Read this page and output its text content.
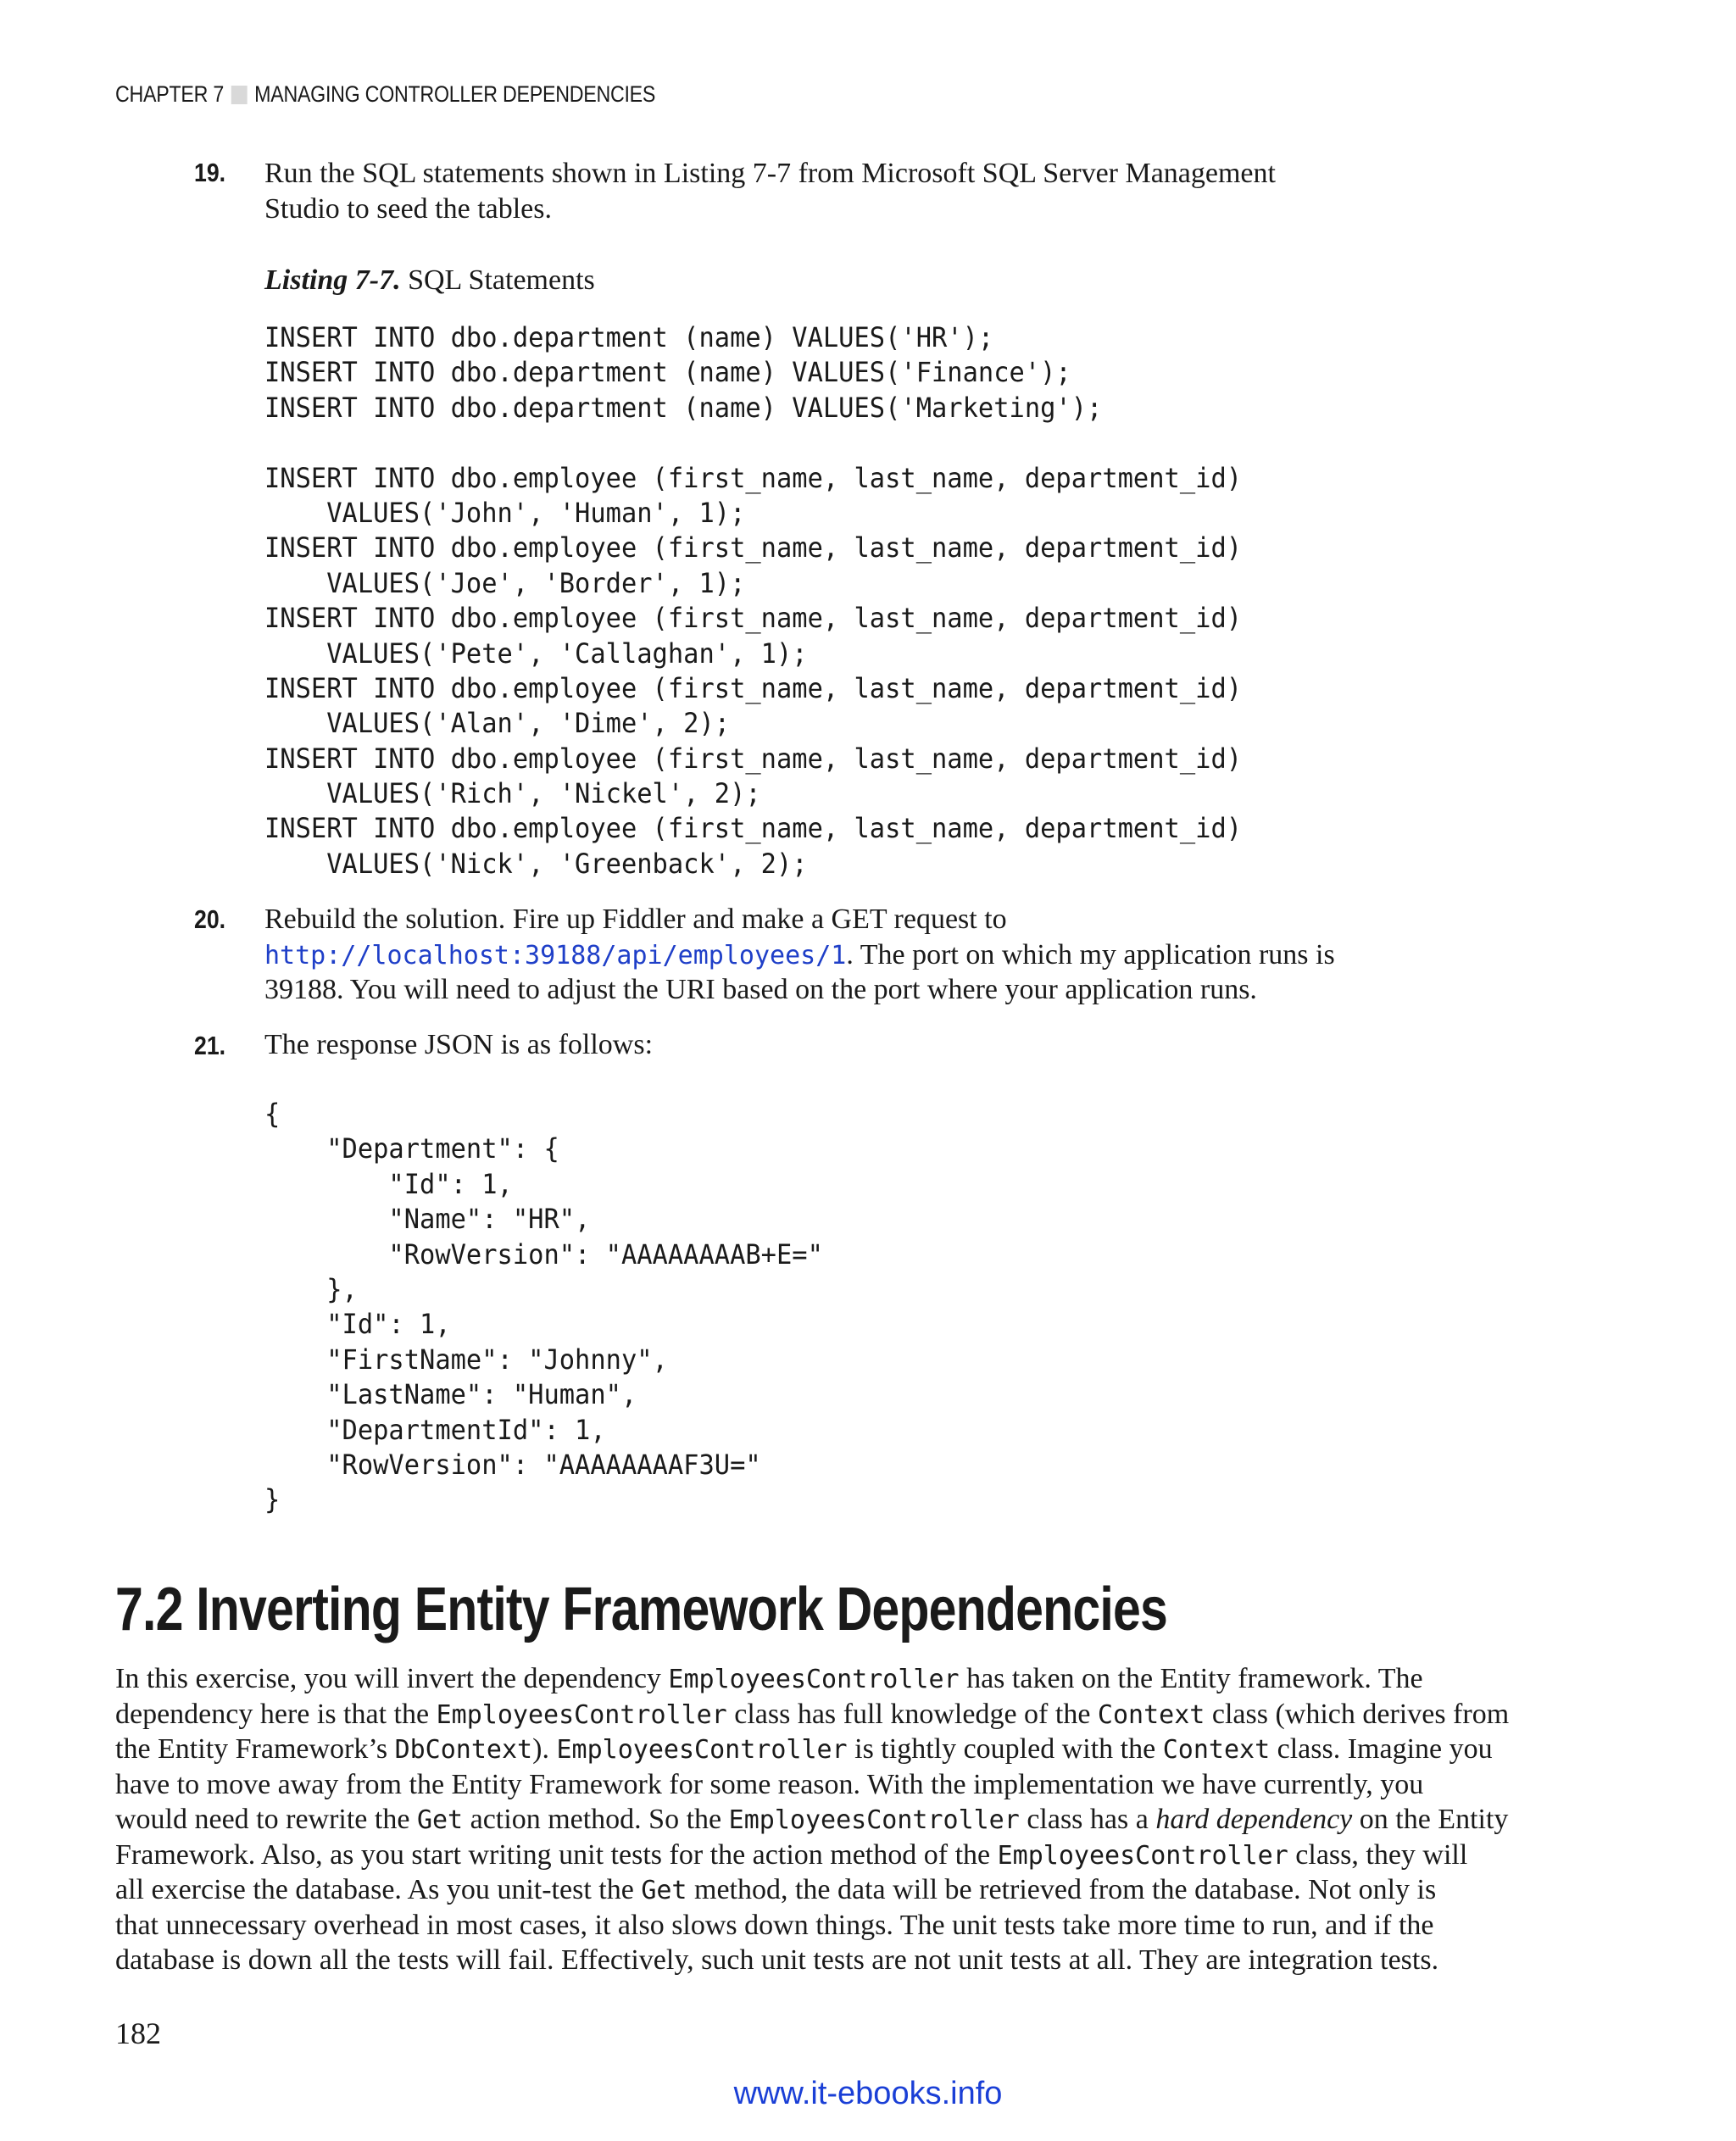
CHAPTER 7 MANAGING CONTROLLER DEPENDENCIES
19. Run the SQL statements shown in Listing 7-7 from Microsoft SQL Server Management
Studio to seed the tables.
Listing 7-7. SQL Statements
INSERT INTO dbo.department (name) VALUES('HR');
INSERT INTO dbo.department (name) VALUES('Finance');
INSERT INTO dbo.department (name) VALUES('Marketing');
INSERT INTO dbo.employee (first_name, last_name, department_id)
VALUES('John', 'Human', 1);
INSERT INTO dbo.employee (first_name, last_name, department_id)
VALUES('Joe', 'Border', 1);
INSERT INTO dbo.employee (first_name, last_name, department_id)
VALUES('Pete', 'Callaghan', 1);
INSERT INTO dbo.employee (first_name, last_name, department_id)
VALUES('Alan', 'Dime', 2);
INSERT INTO dbo.employee (first_name, last_name, department_id)
VALUES('Rich', 'Nickel', 2);
INSERT INTO dbo.employee (first_name, last_name, department_id)
VALUES('Nick', 'Greenback', 2);
20. Rebuild the solution. Fire up Fiddler and make a GET request to
http://localhost:39188/api/employees/1. The port on which my application runs is
39188. You will need to adjust the URI based on the port where your application runs.
21. The response JSON is as follows:
{
"Department": {
"Id": 1,
"Name": "HR",
"RowVersion": "AAAAAAAAB+E="
},
"Id": 1,
"FirstName": "Johnny",
"LastName": "Human",
"DepartmentId": 1,
"RowVersion": "AAAAAAAAF3U="
}
7.2 Inverting Entity Framework Dependencies
In this exercise, you will invert the dependency EmployeesController has taken on the Entity framework. The
dependency here is that the EmployeesController class has full knowledge of the Context class (which derives from
the Entity Framework’s DbContext). EmployeesController is tightly coupled with the Context class. Imagine you
have to move away from the Entity Framework for some reason. With the implementation we have currently, you
would need to rewrite the Get action method. So the EmployeesController class has a hard dependency on the Entity
Framework. Also, as you start writing unit tests for the action method of the EmployeesController class, they will
all exercise the database. As you unit-test the Get method, the data will be retrieved from the database. Not only is
that unnecessary overhead in most cases, it also slows down things. The unit tests take more time to run, and if the
database is down all the tests will fail. Effectively, such unit tests are not unit tests at all. They are integration tests.
182
www.it-ebooks.info
